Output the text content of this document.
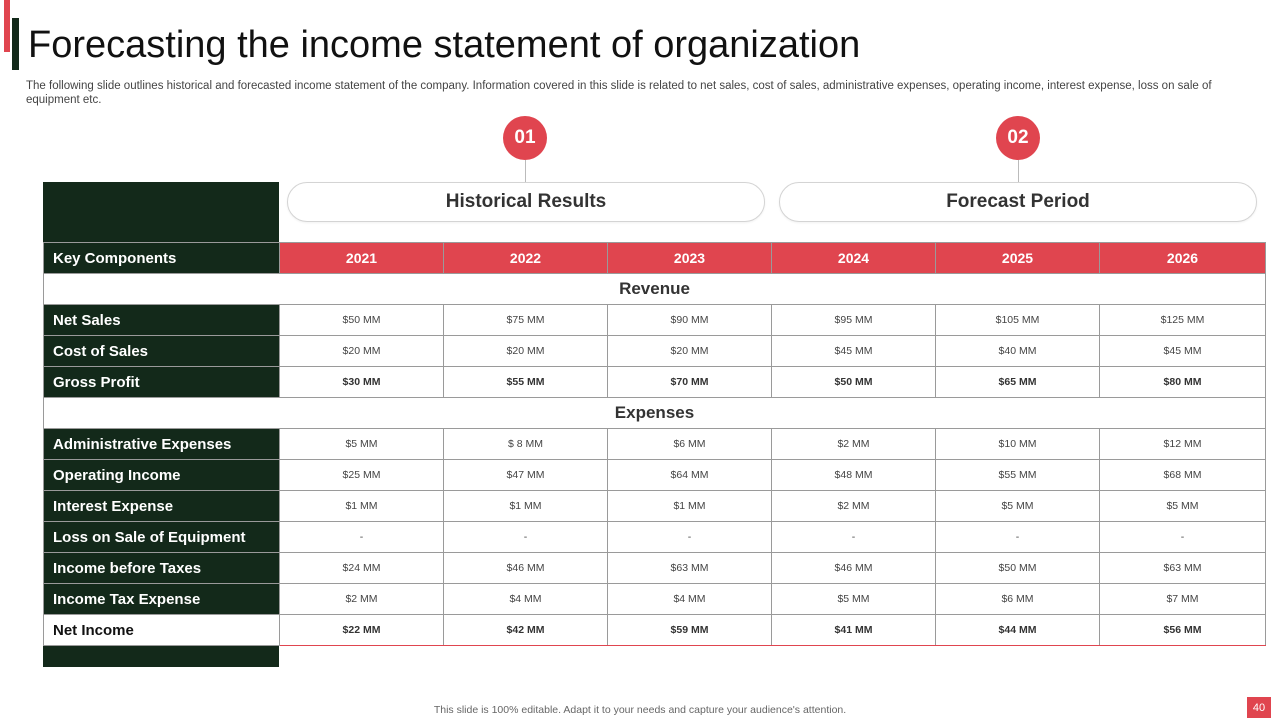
Forecasting the income statement of organization
The following slide outlines historical and forecasted income statement of the company. Information covered in this slide is related to net sales, cost of sales, administrative expenses, operating income, interest expense, loss on sale of equipment etc.
01	02
Historical Results	Forecast Period
Key Components	2021	2022	2023	2024	2025	2026
Revenue						
Net Sales	$50 MM	$75 MM	$90 MM	$95 MM	$105 MM	$125 MM
Cost of Sales	$20 MM	$20 MM	$20 MM	$45 MM	$40 MM	$45 MM
Gross Profit	$30 MM	$55 MM	$70 MM	$50 MM	$65 MM	$80 MM
Expenses						
Administrative Expenses	$5 MM	$ 8 MM	$6 MM	$2 MM	$10 MM	$12 MM
Operating Income	$25 MM	$47 MM	$64 MM	$48 MM	$55 MM	$68 MM
Interest Expense	$1 MM	$1 MM	$1 MM	$2 MM	$5 MM	$5 MM
Loss on Sale of Equipment	-	-	-	-	-	-
Income before Taxes	$24 MM	$46 MM	$63 MM	$46 MM	$50 MM	$63 MM
Income Tax Expense	$2 MM	$4 MM	$4 MM	$5 MM	$6 MM	$7 MM
Net Income	$22 MM	$42 MM	$59 MM	$41 MM	$44 MM	$56 MM
This slide is 100% editable. Adapt it to your needs and capture your audience's attention.	40
